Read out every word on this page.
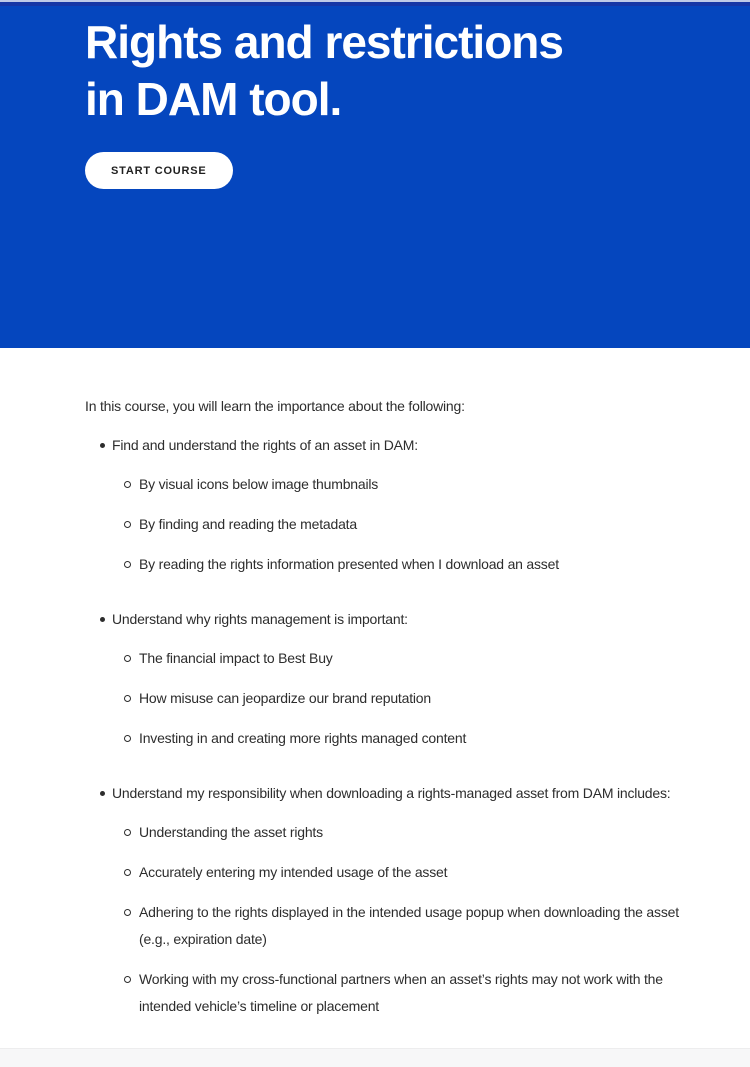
Rights and restrictions
in DAM tool.
START COURSE

In this course, you will learn the importance about the following:

Find and understand the rights of an asset in DAM:
By visual icons below image thumbnails
By finding and reading the metadata
By reading the rights information presented when I download an asset
Understand why rights management is important:
The financial impact to Best Buy
How misuse can jeopardize our brand reputation
Investing in and creating more rights managed content
Understand my responsibility when downloading a rights-managed asset from DAM includes:
Understanding the asset rights
Accurately entering my intended usage of the asset
Adhering to the rights displayed in the intended usage popup when downloading the asset (e.g., expiration date)
Working with my cross-functional partners when an asset’s rights may not work with the intended vehicle’s timeline or placement
